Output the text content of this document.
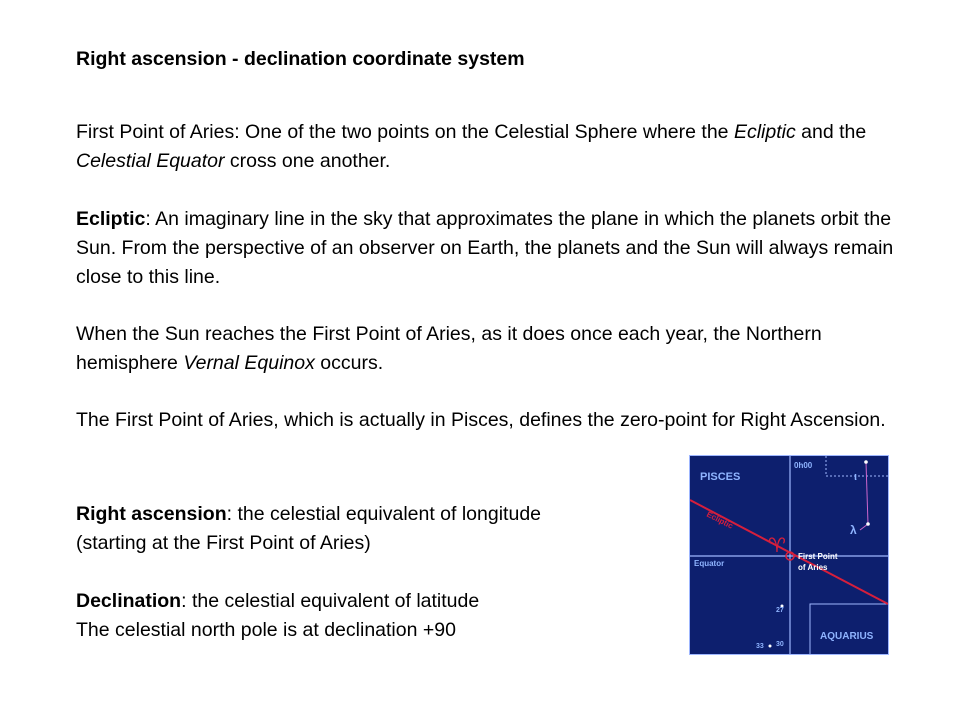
Right ascension - declination coordinate system
First Point of Aries: One of the two points on the Celestial Sphere where the Ecliptic and the Celestial Equator cross one another.
Ecliptic: An imaginary line in the sky that approximates the plane in which the planets orbit the Sun. From the perspective of an observer on Earth, the planets and the Sun will always remain close to this line.
When the Sun reaches the First Point of Aries, as it does once each year, the Northern hemisphere Vernal Equinox occurs.
The First Point of Aries, which is actually in Pisces, defines the zero-point for Right Ascension.
Right ascension: the celestial equivalent of longitude (starting at the First Point of Aries)
Declination: the celestial equivalent of latitude
The celestial north pole is at declination +90
PISCES
0h00
ι
λ
Ecliptic
♈ First Point
of Aries
Equator
27
30
33
AQUARIUS
